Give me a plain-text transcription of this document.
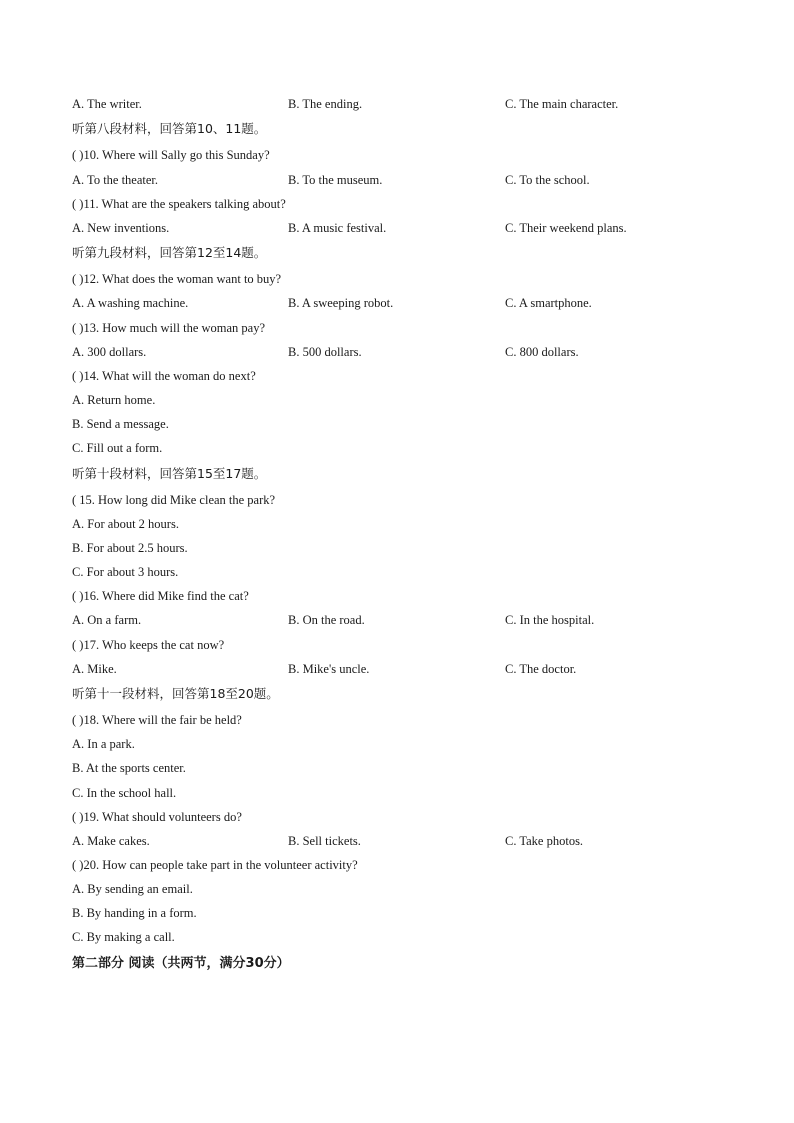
A. The writer.	B. The ending.	C. The main character.
听第八段材料，回答第10、11题。
( )10. Where will Sally go this Sunday?
A. To the theater.	B. To the museum.	C. To the school.
( )11. What are the speakers talking about?
A. New inventions.	B. A music festival.	C. Their weekend plans.
听第九段材料，回答第12至14题。
( )12. What does the woman want to buy?
A. A washing machine.	B. A sweeping robot.	C. A smartphone.
( )13. How much will the woman pay?
A. 300 dollars.	B. 500 dollars.	C. 800 dollars.
( )14. What will the woman do next?
A. Return home.
B. Send a message.
C. Fill out a form.
听第十段材料，回答第15至17题。
( 15. How long did Mike clean the park?
A. For about 2 hours.
B. For about 2.5 hours.
C. For about 3 hours.
( )16. Where did Mike find the cat?
A. On a farm.	B. On the road.	C. In the hospital.
( )17. Who keeps the cat now?
A. Mike.	B. Mike's uncle.	C. The doctor.
听第十一段材料，回答第18至20题。
( )18. Where will the fair be held?
A. In a park.
B. At the sports center.
C. In the school hall.
( )19. What should volunteers do?
A. Make cakes.	B. Sell tickets.	C. Take photos.
( )20. How can people take part in the volunteer activity?
A. By sending an email.
B. By handing in a form.
C. By making a call.
第二部分 阅读（共两节，满分30分）
